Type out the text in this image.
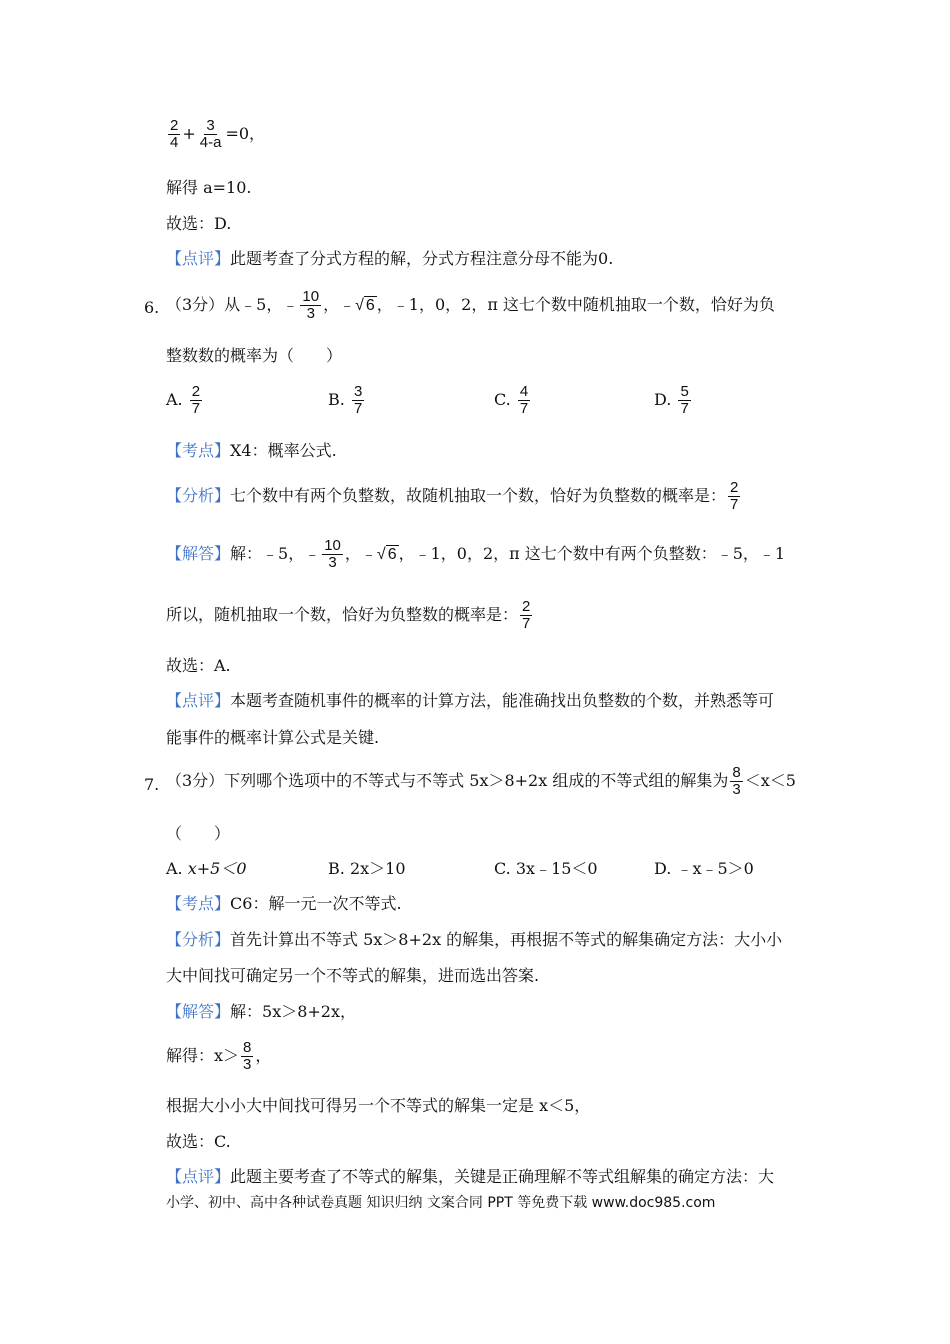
$\frac{2}{4} + \frac{3}{4-a} =0$，
解得 a=10.
故选：D.
【点评】此题考查了分式方程的解，分式方程注意分母不能为0.
6. （3分）从﹣5，﹣ $\frac{10}{3}$ ，﹣√ 6 ，﹣1，0，2，π 这七个数中随机抽取一个数，恰好为负
整数数的概率为（　　）
A. $\frac{2}{7}$	B. $\frac{3}{7}$	C. $\frac{4}{7}$	D. $\frac{5}{7}$
【考点】X4：概率公式.
【分析】七个数中有两个负整数，故随机抽取一个数，恰好为负整数的概率是： $\frac{2}{7}$
【解答】解：﹣5，﹣ $\frac{10}{3}$ ，﹣√ 6 ，﹣1，0，2，π 这七个数中有两个负整数：﹣5，﹣1
所以，随机抽取一个数，恰好为负整数的概率是： $\frac{2}{7}$
故选：A.
【点评】本题考查随机事件的概率的计算方法，能准确找出负整数的个数，并熟悉等可
能事件的概率计算公式是关键.
7. （3分）下列哪个选项中的不等式与不等式 5x＞8+2x 组成的不等式组的解集为 $\frac{8}{3} <x<5$
（　　）
A. x+5＜0	B. 2x＞10	C. 3x﹣15＜0	D. ﹣x﹣5＞0
【考点】C6：解一元一次不等式.
【分析】首先计算出不等式 5x＞8+2x 的解集，再根据不等式的解集确定方法：大小小
大中间找可确定另一个不等式的解集，进而选出答案.
【解答】解：5x＞8+2x，
解得：$x> \frac{8}{3}$ ，
根据大小小大中间找可得另一个不等式的解集一定是 x＜5，
故选：C.
【点评】此题主要考查了不等式的解集，关键是正确理解不等式组解集的确定方法：大
小学、初中、高中各种试卷真题 知识归纳 文案合同 PPT 等免费下载 www.doc985.com
